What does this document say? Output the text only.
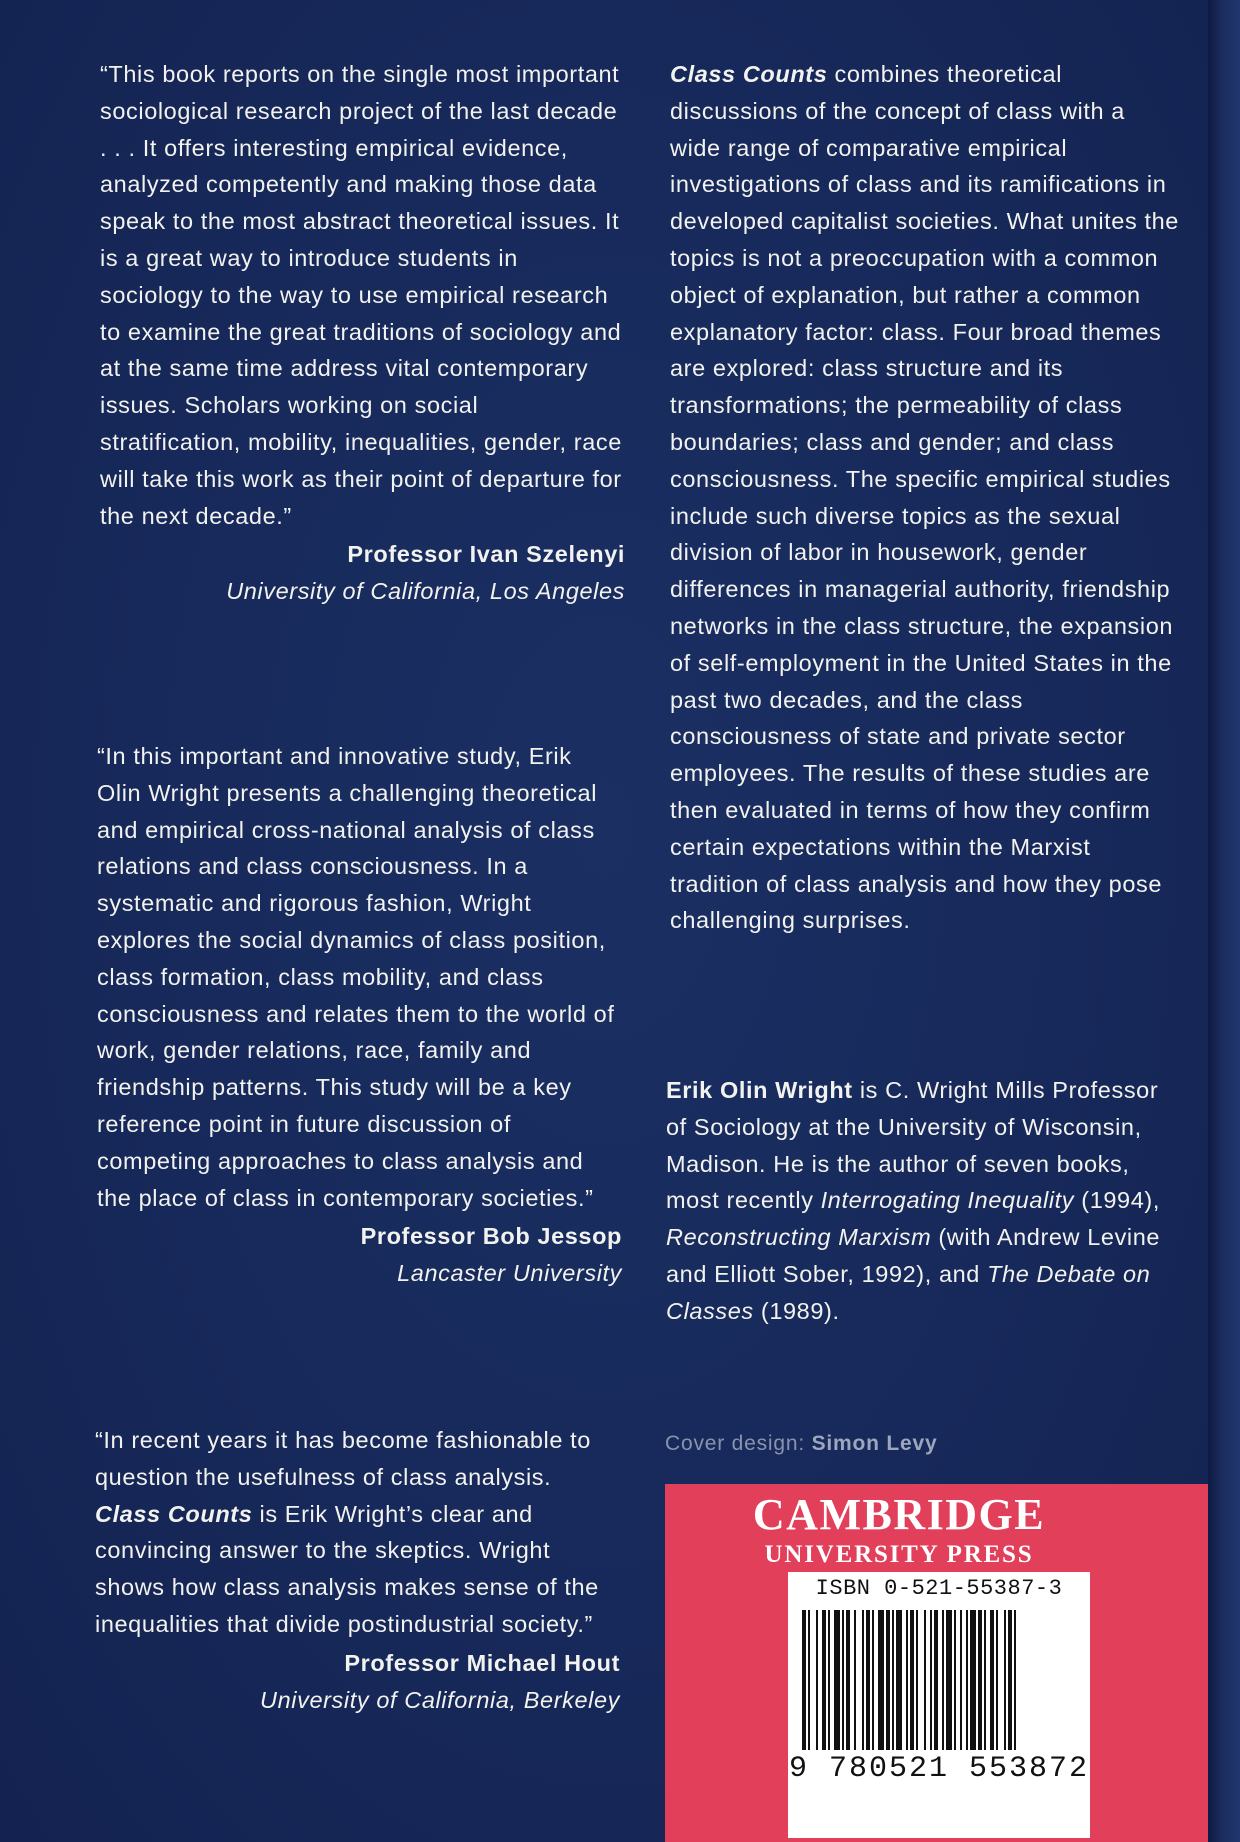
“This book reports on the single most important sociological research project of the last decade . . . It offers interesting empirical evidence, analyzed competently and making those data speak to the most abstract theoretical issues. It is a great way to introduce students in sociology to the way to use empirical research to examine the great traditions of sociology and at the same time address vital contemporary issues. Scholars working on social stratification, mobility, inequalities, gender, race will take this work as their point of departure for the next decade.”

Professor Ivan Szelenyi
University of California, Los Angeles

“In this important and innovative study, Erik Olin Wright presents a challenging theoretical and empirical cross-national analysis of class relations and class consciousness. In a systematic and rigorous fashion, Wright explores the social dynamics of class position, class formation, class mobility, and class consciousness and relates them to the world of work, gender relations, race, family and friendship patterns. This study will be a key reference point in future discussion of competing approaches to class analysis and the place of class in contemporary societies.”

Professor Bob Jessop
Lancaster University

“In recent years it has become fashionable to question the usefulness of class analysis. Class Counts is Erik Wright’s clear and convincing answer to the skeptics. Wright shows how class analysis makes sense of the inequalities that divide postindustrial society.”

Professor Michael Hout
University of California, Berkeley

Class Counts combines theoretical discussions of the concept of class with a wide range of comparative empirical investigations of class and its ramifications in developed capitalist societies. What unites the topics is not a preoccupation with a common object of explanation, but rather a common explanatory factor: class. Four broad themes are explored: class structure and its transformations; the permeability of class boundaries; class and gender; and class consciousness. The specific empirical studies include such diverse topics as the sexual division of labor in housework, gender differences in managerial authority, friendship networks in the class structure, the expansion of self-employment in the United States in the past two decades, and the class consciousness of state and private sector employees. The results of these studies are then evaluated in terms of how they confirm certain expectations within the Marxist tradition of class analysis and how they pose challenging surprises.

Erik Olin Wright is C. Wright Mills Professor of Sociology at the University of Wisconsin, Madison. He is the author of seven books, most recently Interrogating Inequality (1994), Reconstructing Marxism (with Andrew Levine and Elliott Sober, 1992), and The Debate on Classes (1989).

Cover design: Simon Levy
CAMBRIDGE
UNIVERSITY PRESS
ISBN 0-521-55387-3
9 780521 553872
